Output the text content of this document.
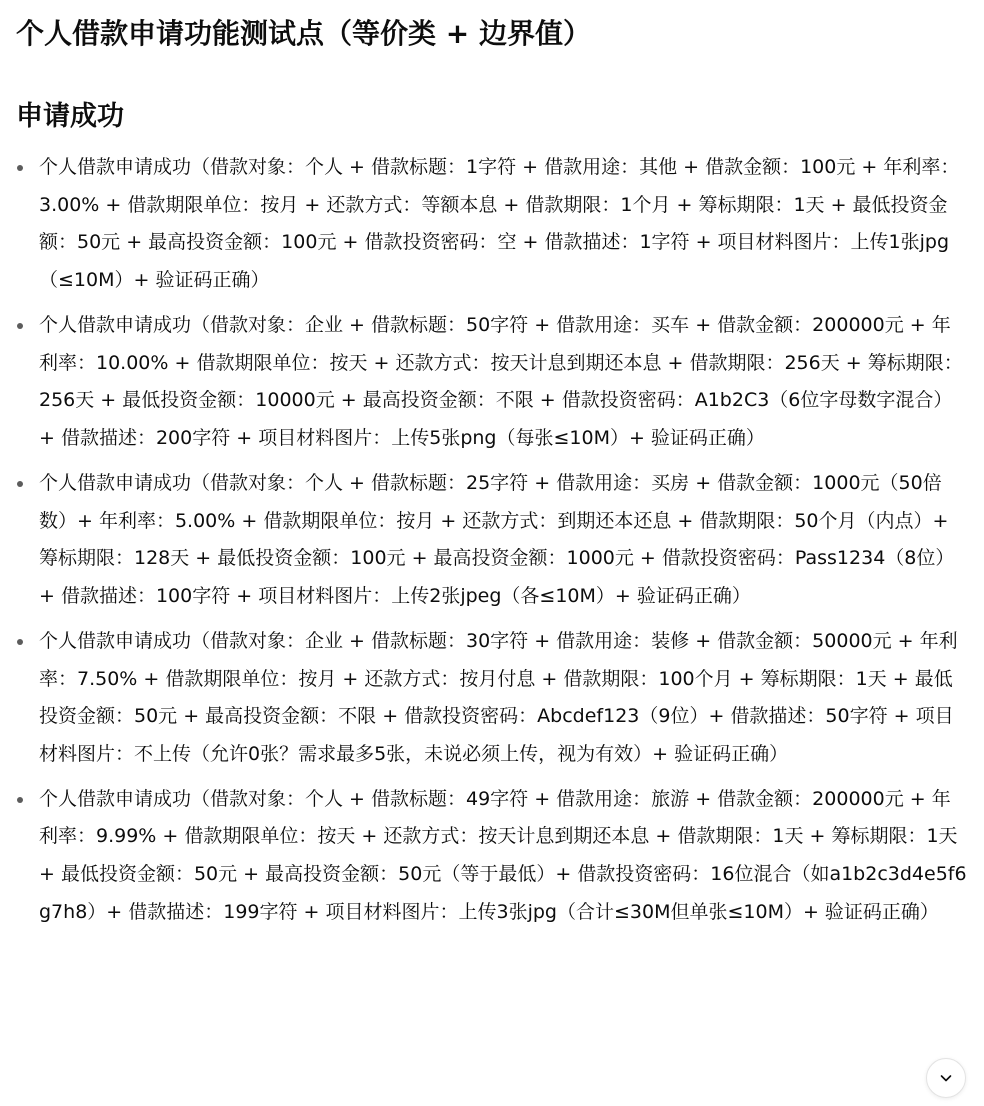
个人借款申请功能测试点（等价类 + 边界值）
申请成功
个人借款申请成功（借款对象：个人 + 借款标题：1字符 + 借款用途：其他 + 借款金额：100元 + 年利率：3.00% + 借款期限单位：按月 + 还款方式：等额本息 + 借款期限：1个月 + 筹标期限：1天 + 最低投资金额：50元 + 最高投资金额：100元 + 借款投资密码：空 + 借款描述：1字符 + 项目材料图片：上传1张jpg（≤10M）+ 验证码正确）
个人借款申请成功（借款对象：企业 + 借款标题：50字符 + 借款用途：买车 + 借款金额：200000元 + 年利率：10.00% + 借款期限单位：按天 + 还款方式：按天计息到期还本息 + 借款期限：256天 + 筹标期限：256天 + 最低投资金额：10000元 + 最高投资金额：不限 + 借款投资密码：A1b2C3（6位字母数字混合）+ 借款描述：200字符 + 项目材料图片：上传5张png（每张≤10M）+ 验证码正确）
个人借款申请成功（借款对象：个人 + 借款标题：25字符 + 借款用途：买房 + 借款金额：1000元（50倍数）+ 年利率：5.00% + 借款期限单位：按月 + 还款方式：到期还本还息 + 借款期限：50个月（内点）+ 筹标期限：128天 + 最低投资金额：100元 + 最高投资金额：1000元 + 借款投资密码：Pass1234（8位）+ 借款描述：100字符 + 项目材料图片：上传2张jpeg（各≤10M）+ 验证码正确）
个人借款申请成功（借款对象：企业 + 借款标题：30字符 + 借款用途：装修 + 借款金额：50000元 + 年利率：7.50% + 借款期限单位：按月 + 还款方式：按月付息 + 借款期限：100个月 + 筹标期限：1天 + 最低投资金额：50元 + 最高投资金额：不限 + 借款投资密码：Abcdef123（9位）+ 借款描述：50字符 + 项目材料图片：不上传（允许0张？需求最多5张，未说必须上传，视为有效）+ 验证码正确）
个人借款申请成功（借款对象：个人 + 借款标题：49字符 + 借款用途：旅游 + 借款金额：200000元 + 年利率：9.99% + 借款期限单位：按天 + 还款方式：按天计息到期还本息 + 借款期限：1天 + 筹标期限：1天 + 最低投资金额：50元 + 最高投资金额：50元（等于最低）+ 借款投资密码：16位混合（如a1b2c3d4e5f6g7h8）+ 借款描述：199字符 + 项目材料图片：上传3张jpg（合计≤30M但单张≤10M）+ 验证码正确）
